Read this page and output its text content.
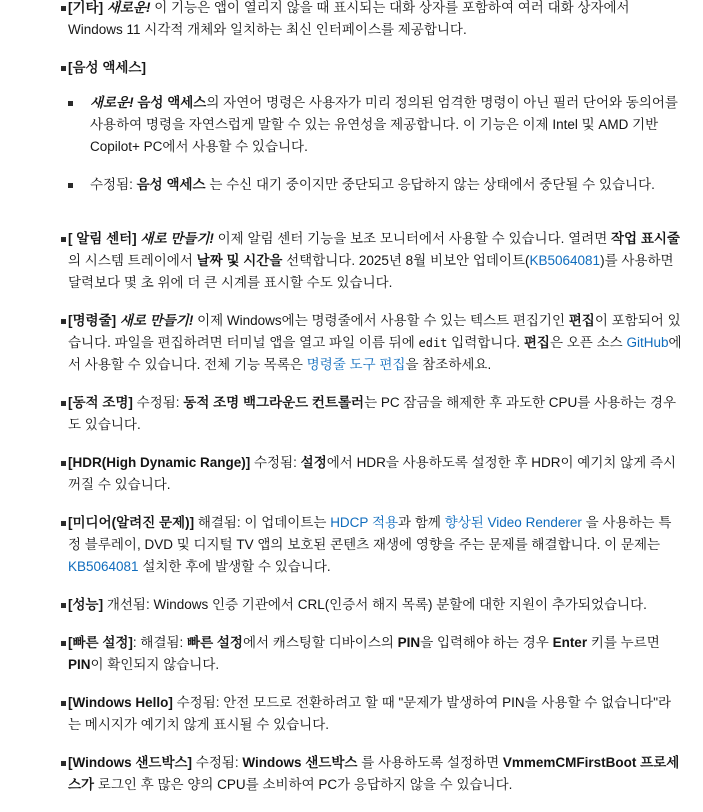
[기타] 새로운! 이 기능은 앱이 열리지 않을 때 표시되는 대화 상자를 포함하여 여러 대화 상자에서 Windows 11 시각적 개체와 일치하는 최신 인터페이스를 제공합니다.
[음성 액세스]
새로운! 음성 액세스의 자연어 명령은 사용자가 미리 정의된 엄격한 명령이 아닌 필러 단어와 동의어를 사용하여 명령을 자연스럽게 말할 수 있는 유연성을 제공합니다. 이 기능은 이제 Intel 및 AMD 기반 Copilot+ PC에서 사용할 수 있습니다.
수정됨: 음성 액세스 는 수신 대기 중이지만 중단되고 응답하지 않는 상태에서 중단될 수 있습니다.
[ 알림 센터] 새로 만들기! 이제 알림 센터 기능을 보조 모니터에서 사용할 수 있습니다. 열려면 작업 표시줄의 시스템 트레이에서 날짜 및 시간을 선택합니다. 2025년 8월 비보안 업데이트(KB5064081)를 사용하면 달력보다 몇 초 위에 더 큰 시계를 표시할 수도 있습니다.
[명령줄] 새로 만들기! 이제 Windows에는 명령줄에서 사용할 수 있는 텍스트 편집기인 편집이 포함되어 있습니다. 파일을 편집하려면 터미널 앱을 열고 파일 이름 뒤에 edit 입력합니다. 편집은 오픈 소스 GitHub에서 사용할 수 있습니다. 전체 기능 목록은 명령줄 도구 편집을 참조하세요.
[동적 조명] 수정됨: 동적 조명 백그라운드 컨트롤러는 PC 잠금을 해제한 후 과도한 CPU를 사용하는 경우도 있습니다.
[HDR(High Dynamic Range)] 수정됨: 설정에서 HDR을 사용하도록 설정한 후 HDR이 예기치 않게 즉시 꺼질 수 있습니다.
[미디어(알려진 문제)] 해결됨: 이 업데이트는 HDCP 적용과 함께 향상된 Video Renderer 을 사용하는 특정 블루레이, DVD 및 디지털 TV 앱의 보호된 콘텐츠 재생에 영향을 주는 문제를 해결합니다. 이 문제는 KB5064081 설치한 후에 발생할 수 있습니다.
[성능] 개선됨: Windows 인증 기관에서 CRL(인증서 해지 목록) 분할에 대한 지원이 추가되었습니다.
[빠른 설정]: 해결됨: 빠른 설정에서 캐스팅할 디바이스의 PIN을 입력해야 하는 경우 Enter 키를 누르면 PIN이 확인되지 않습니다.
[Windows Hello] 수정됨: 안전 모드로 전환하려고 할 때 "문제가 발생하여 PIN을 사용할 수 없습니다"라는 메시지가 예기치 않게 표시될 수 있습니다.
[Windows 샌드박스] 수정됨: Windows 샌드박스 를 사용하도록 설정하면 VmmemCMFirstBoot 프로세스가 로그인 후 많은 양의 CPU를 소비하여 PC가 응답하지 않을 수 있습니다.
